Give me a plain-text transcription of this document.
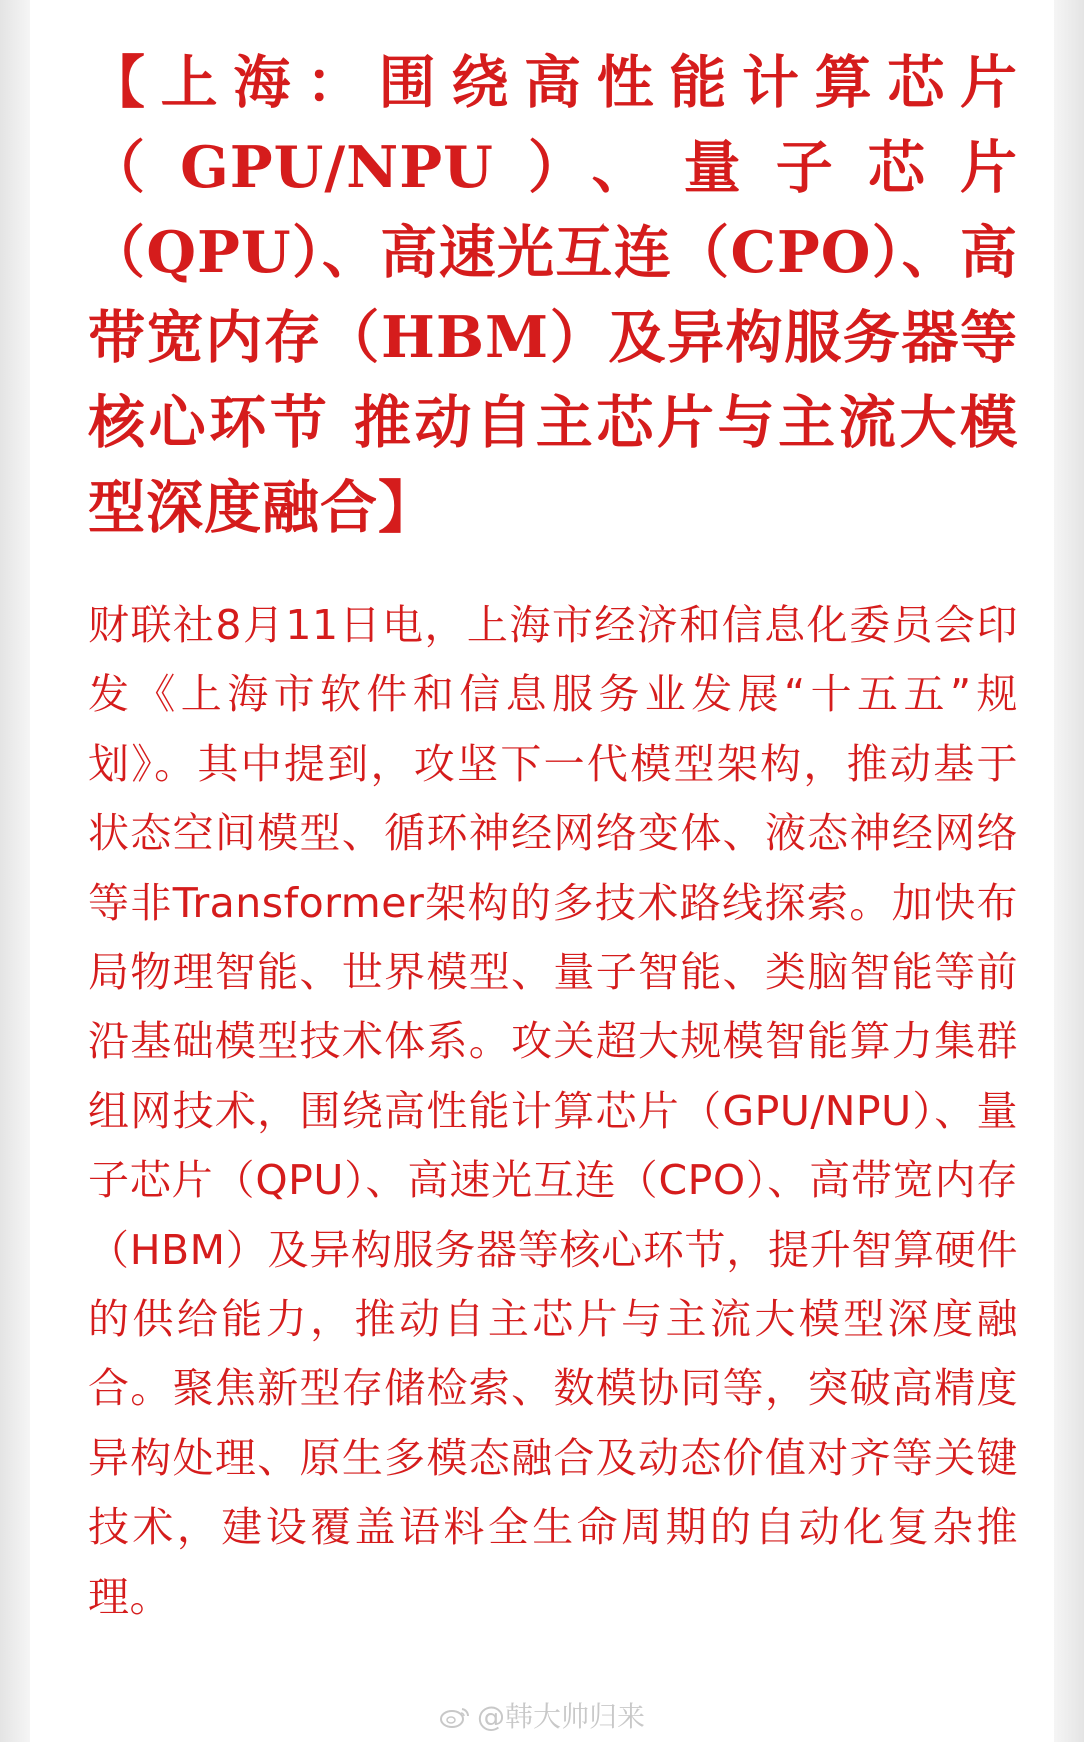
【上海：围绕高性能计算芯片（GPU/NPU）、量子芯片（QPU）、高速光互连（CPO）、高带宽内存（HBM）及异构服务器等核心环节 推动自主芯片与主流大模型深度融合】

财联社8月11日电，上海市经济和信息化委员会印发《上海市软件和信息服务业发展“十五五”规划》。其中提到，攻坚下一代模型架构，推动基于状态空间模型、循环神经网络变体、液态神经网络等非Transformer架构的多技术路线探索。加快布局物理智能、世界模型、量子智能、类脑智能等前沿基础模型技术体系。攻关超大规模智能算力集群组网技术，围绕高性能计算芯片（GPU/NPU）、量子芯片（QPU）、高速光互连（CPO）、高带宽内存（HBM）及异构服务器等核心环节，提升智算硬件的供给能力，推动自主芯片与主流大模型深度融合。聚焦新型存储检索、数模协同等，突破高精度异构处理、原生多模态融合及动态价值对齐等关键技术，建设覆盖语料全生命周期的自动化复杂推理。

@韩大帅归来
